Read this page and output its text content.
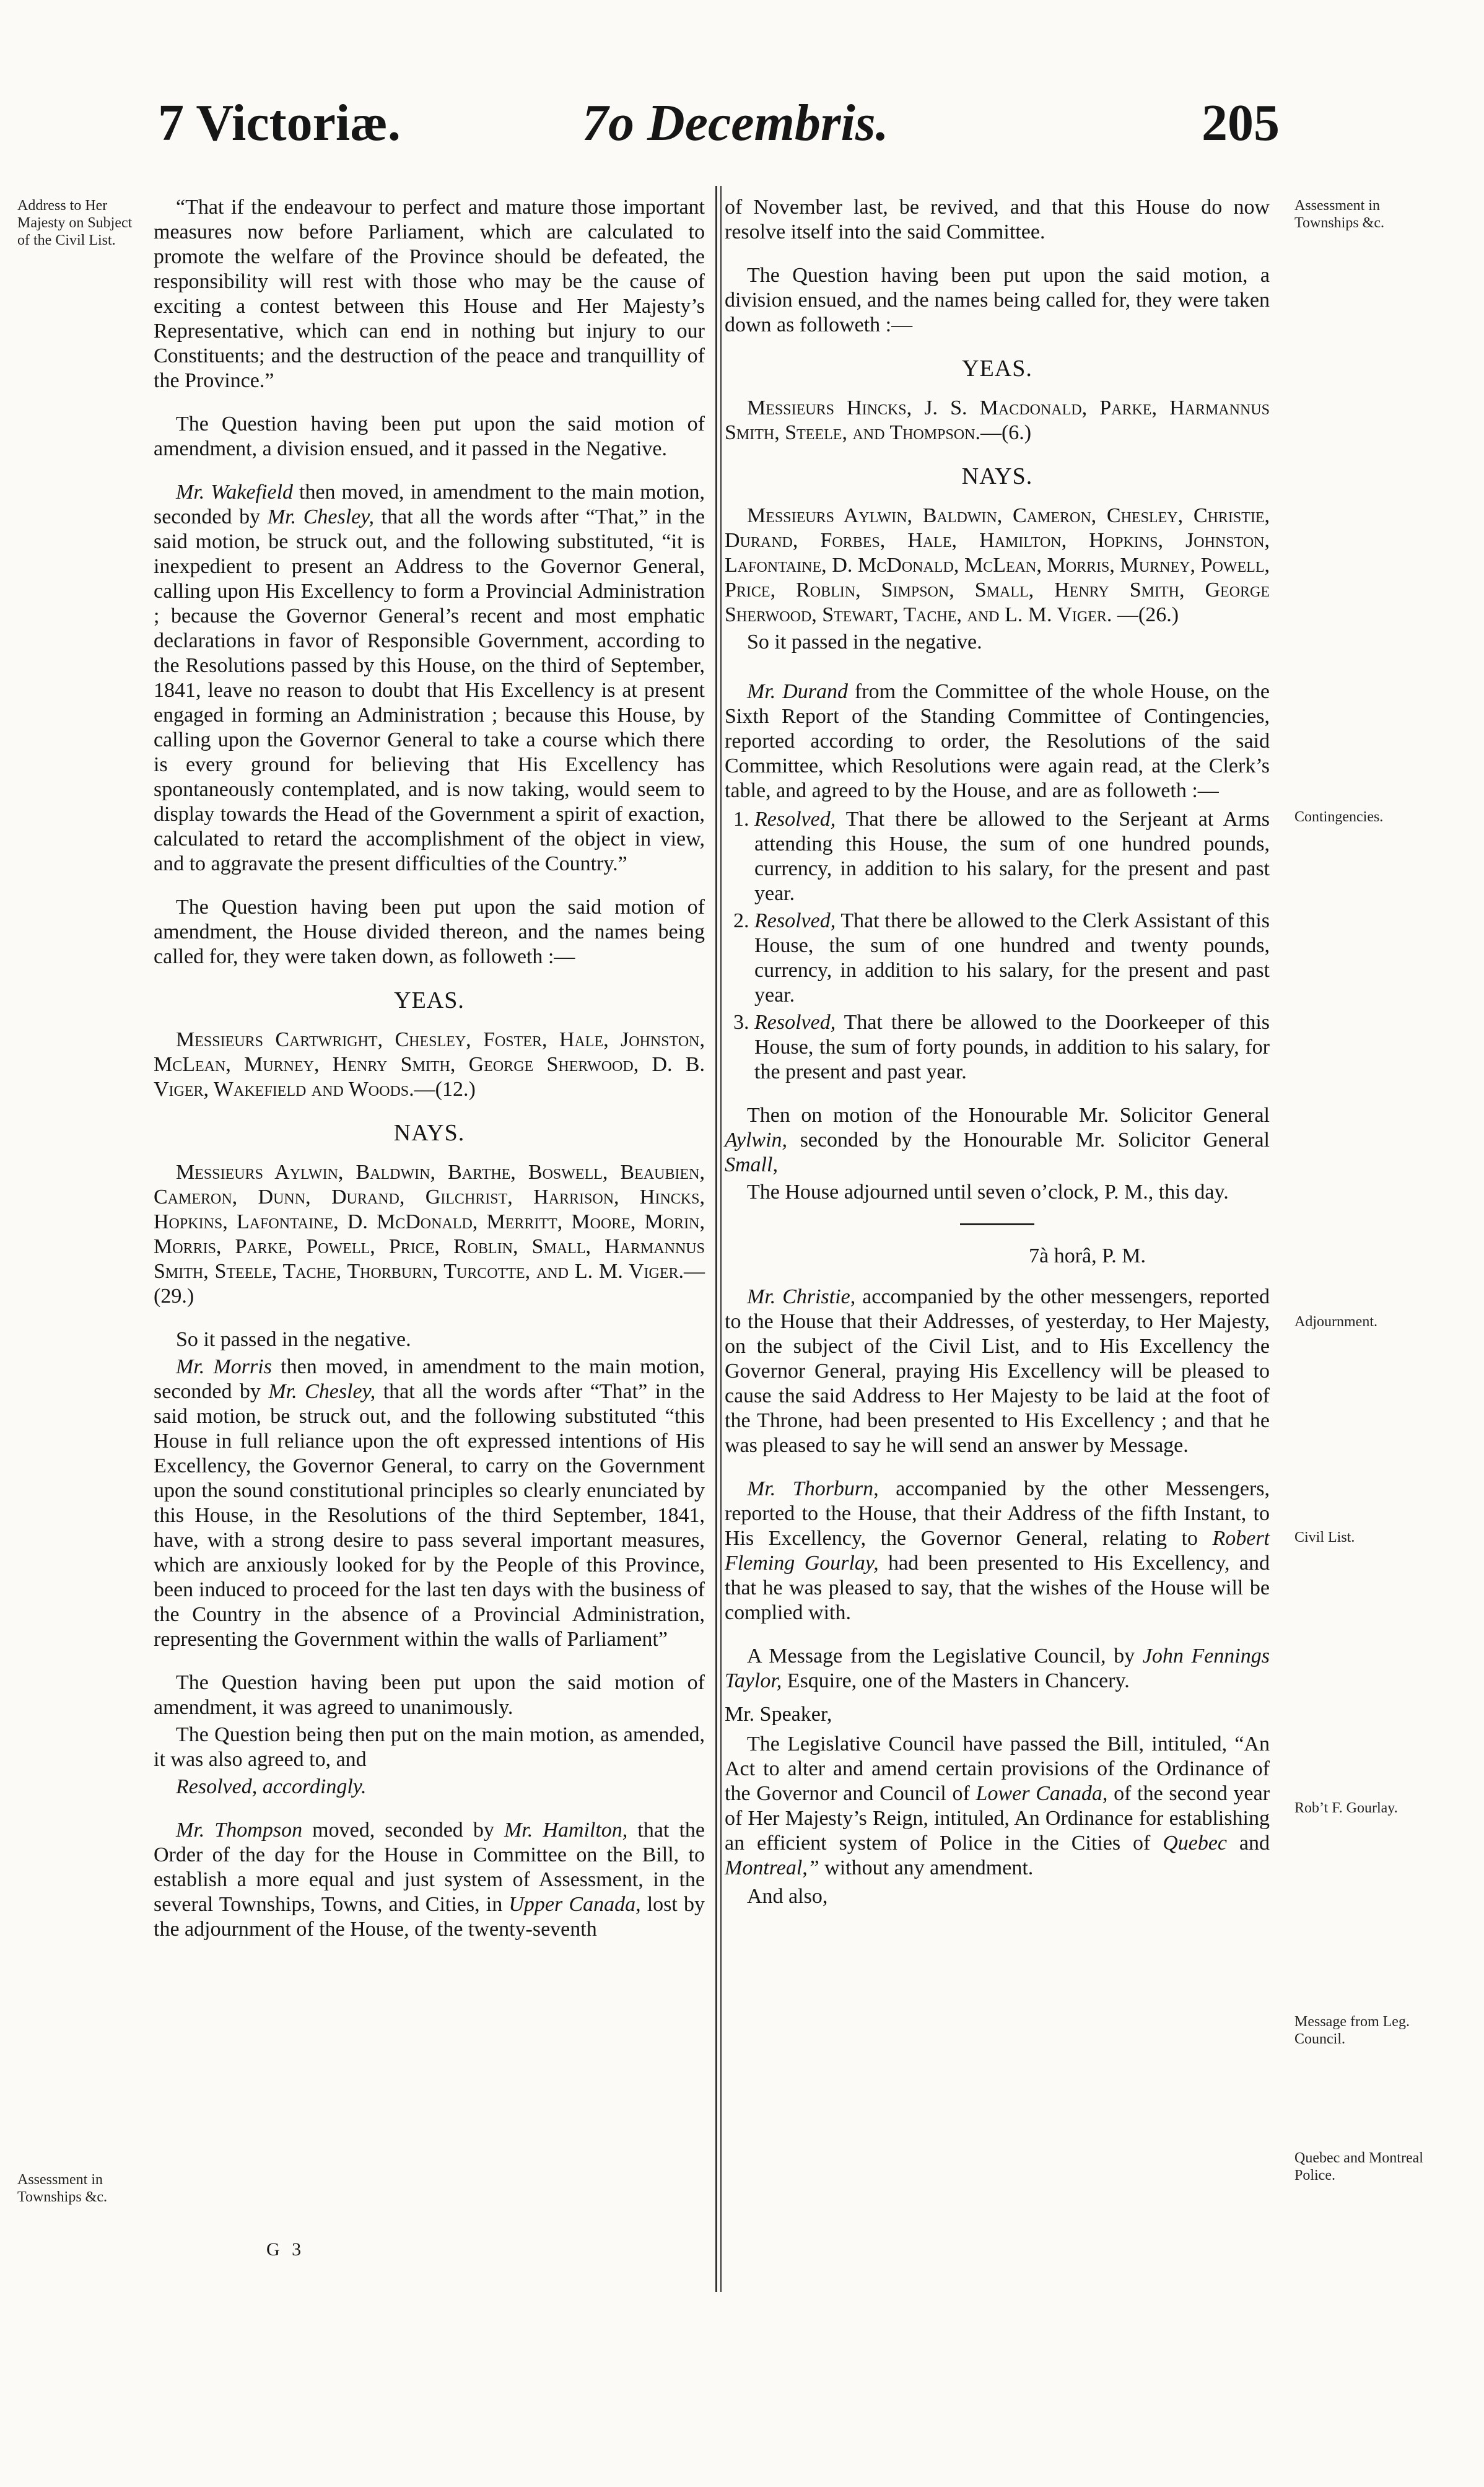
7 Victoriæ.	7o Decembris.	205
Address to Her Majesty on Subject of the Civil List.
Assessment in Townships &c.
Assessment in Townships &c.
Contingencies.
Adjournment.
Civil List.
Rob’t F. Gourlay.
Message from Leg. Council.
Quebec and Montreal Police.

“That if the endeavour to perfect and mature those important measures now before Parliament, which are calculated to promote the welfare of the Province should be defeated, the responsibility will rest with those who may be the cause of exciting a contest between this House and Her Majesty’s Representative, which can end in nothing but injury to our Constituents; and the destruction of the peace and tranquillity of the Province.”

The Question having been put upon the said motion of amendment, a division ensued, and it passed in the Negative.

Mr. Wakefield then moved, in amendment to the main motion, seconded by Mr. Chesley, that all the words after “That,” in the said motion, be struck out, and the following substituted, “it is inexpedient to present an Address to the Governor General, calling upon His Excellency to form a Provincial Administration ; because the Governor General’s recent and most emphatic declarations in favor of Responsible Government, according to the Resolutions passed by this House, on the third of September, 1841, leave no reason to doubt that His Excellency is at present engaged in forming an Administration ; because this House, by calling upon the Governor General to take a course which there is every ground for believing that His Excellency has spontaneously contemplated, and is now taking, would seem to display towards the Head of the Government a spirit of exaction, calculated to retard the accomplishment of the object in view, and to aggravate the present difficulties of the Country.”

The Question having been put upon the said motion of amendment, the House divided thereon, and the names being called for, they were taken down, as followeth :—

YEAS.

Messieurs Cartwright, Chesley, Foster, Hale, Johnston, McLean, Murney, Henry Smith, George Sherwood, D. B. Viger, Wakefield and Woods.—(12.)

NAYS.

Messieurs Aylwin, Baldwin, Barthe, Boswell, Beaubien, Cameron, Dunn, Durand, Gilchrist, Harrison, Hincks, Hopkins, Lafontaine, D. McDonald, Merritt, Moore, Morin, Morris, Parke, Powell, Price, Roblin, Small, Harmannus Smith, Steele, Tache, Thorburn, Turcotte, and L. M. Viger.—(29.)

So it passed in the negative.

Mr. Morris then moved, in amendment to the main motion, seconded by Mr. Chesley, that all the words after “That” in the said motion, be struck out, and the following substituted “this House in full reliance upon the oft expressed intentions of His Excellency, the Governor General, to carry on the Government upon the sound constitutional principles so clearly enunciated by this House, in the Resolutions of the third September, 1841, have, with a strong desire to pass several important measures, which are anxiously looked for by the People of this Province, been induced to proceed for the last ten days with the business of the Country in the absence of a Provincial Administration, representing the Government within the walls of Parliament”

The Question having been put upon the said motion of amendment, it was agreed to unanimously.

The Question being then put on the main motion, as amended, it was also agreed to, and

Resolved, accordingly.

Mr. Thompson moved, seconded by Mr. Hamilton, that the Order of the day for the House in Committee on the Bill, to establish a more equal and just system of Assessment, in the several Townships, Towns, and Cities, in Upper Canada, lost by the adjournment of the House, of the twenty-seventh

G 3

of November last, be revived, and that this House do now resolve itself into the said Committee.

The Question having been put upon the said motion, a division ensued, and the names being called for, they were taken down as followeth :—

YEAS.

Messieurs Hincks, J. S. Macdonald, Parke, Harmannus Smith, Steele, and Thompson.—(6.)

NAYS.

Messieurs Aylwin, Baldwin, Cameron, Chesley, Christie, Durand, Forbes, Hale, Hamilton, Hopkins, Johnston, Lafontaine, D. McDonald, McLean, Morris, Murney, Powell, Price, Roblin, Simpson, Small, Henry Smith, George Sherwood, Stewart, Tache, and L. M. Viger. —(26.)

So it passed in the negative.

Mr. Durand from the Committee of the whole House, on the Sixth Report of the Standing Committee of Contingencies, reported according to order, the Resolutions of the said Committee, which Resolutions were again read, at the Clerk’s table, and agreed to by the House, and are as followeth :—

1. Resolved, That there be allowed to the Serjeant at Arms attending this House, the sum of one hundred pounds, currency, in addition to his salary, for the present and past year.
2. Resolved, That there be allowed to the Clerk Assistant of this House, the sum of one hundred and twenty pounds, currency, in addition to his salary, for the present and past year.
3. Resolved, That there be allowed to the Doorkeeper of this House, the sum of forty pounds, in addition to his salary, for the present and past year.

Then on motion of the Honourable Mr. Solicitor General Aylwin, seconded by the Honourable Mr. Solicitor General Small,

The House adjourned until seven o’clock, P. M., this day.

7à horâ, P. M.

Mr. Christie, accompanied by the other messengers, reported to the House that their Addresses, of yesterday, to Her Majesty, on the subject of the Civil List, and to His Excellency the Governor General, praying His Excellency will be pleased to cause the said Address to Her Majesty to be laid at the foot of the Throne, had been presented to His Excellency ; and that he was pleased to say he will send an answer by Message.

Mr. Thorburn, accompanied by the other Messengers, reported to the House, that their Address of the fifth Instant, to His Excellency, the Governor General, relating to Robert Fleming Gourlay, had been presented to His Excellency, and that he was pleased to say, that the wishes of the House will be complied with.

A Message from the Legislative Council, by John Fennings Taylor, Esquire, one of the Masters in Chancery.

Mr. Speaker,

The Legislative Council have passed the Bill, intituled, “An Act to alter and amend certain provisions of the Ordinance of the Governor and Council of Lower Canada, of the second year of Her Majesty’s Reign, intituled, An Ordinance for establishing an efficient system of Police in the Cities of Quebec and Montreal,” without any amendment.

And also,
